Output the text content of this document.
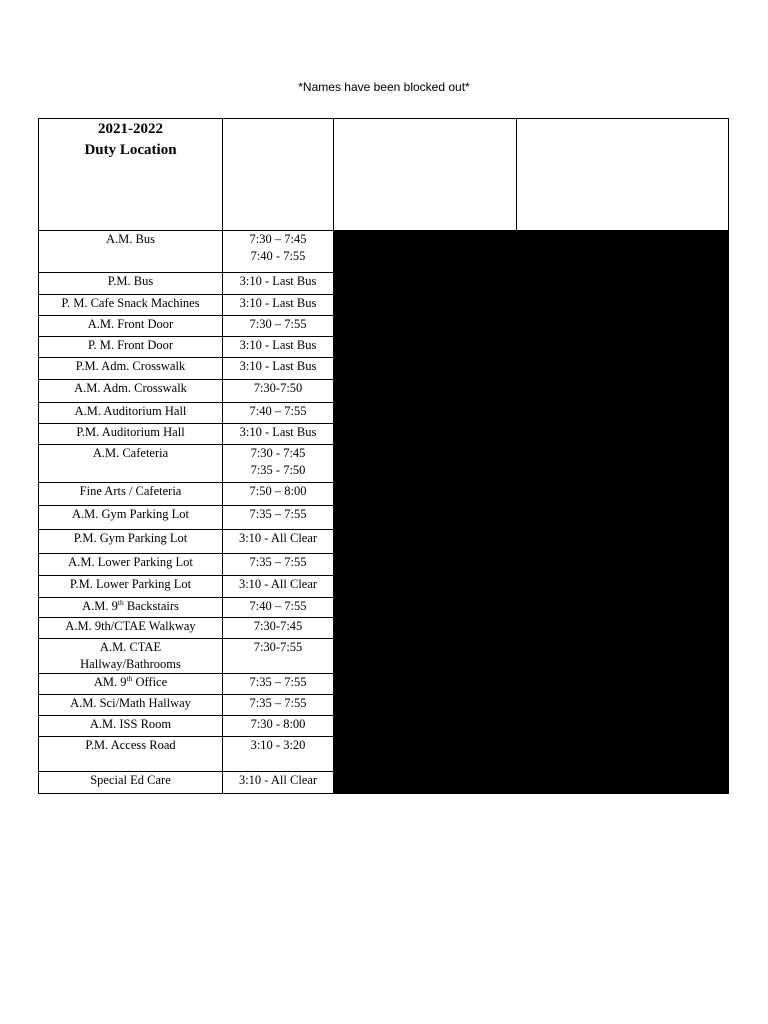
*Names have been blocked out*
2021-2022
Duty Location

A.M. Bus	7:30 – 7:45
7:40 - 7:55		

P.M. Bus	3:10 - Last Bus		

P. M. Cafe Snack Machines	3:10 - Last Bus		

A.M. Front Door	7:30 – 7:55		

P. M. Front Door	3:10 - Last Bus		

P.M. Adm. Crosswalk	3:10 - Last Bus		

A.M. Adm. Crosswalk	7:30-7:50		

A.M. Auditorium Hall	7:40 – 7:55		

P.M. Auditorium Hall	3:10 - Last Bus		

A.M. Cafeteria	7:30 - 7:45
7:35 - 7:50		

Fine Arts / Cafeteria	7:50 – 8:00		

A.M. Gym Parking Lot	7:35 – 7:55		

P.M. Gym Parking Lot	3:10 - All Clear		

A.M. Lower Parking Lot	7:35 – 7:55		

P.M. Lower Parking Lot	3:10 - All Clear		

A.M. 9th Backstairs	7:40 – 7:55		

A.M. 9th/CTAE Walkway	7:30-7:45		

A.M. CTAE
Hallway/Bathrooms	7:30-7:55		

AM. 9th Office	7:35 – 7:55		

A.M. Sci/Math Hallway	7:35 – 7:55		

A.M. ISS Room	7:30 - 8:00		

P.M. Access Road	3:10 - 3:20		

Special Ed Care	3:10 - All Clear		
